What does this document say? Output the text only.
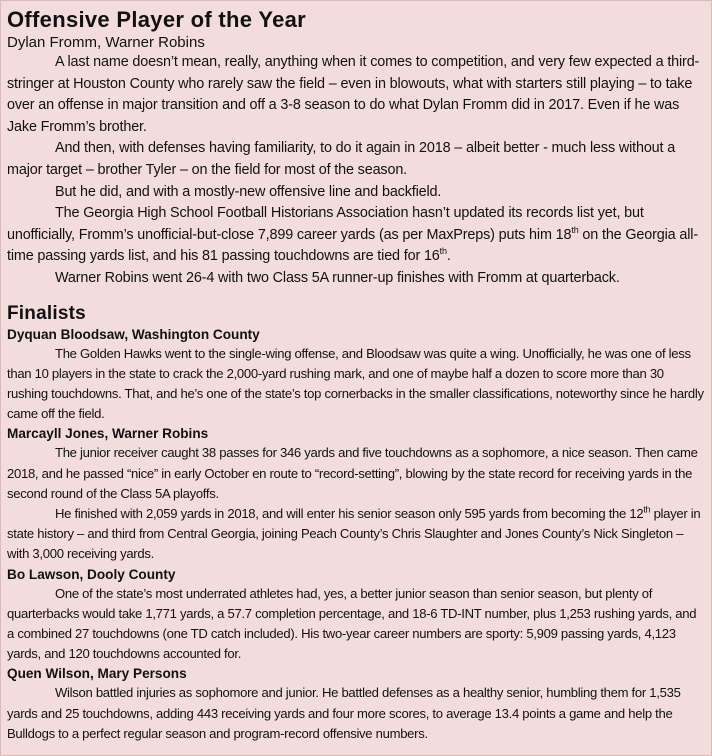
Offensive Player of the Year

Dylan Fromm, Warner Robins

A last name doesn’t mean, really, anything when it comes to competition, and very few expected a third-stringer at Houston County who rarely saw the field – even in blowouts, what with starters still playing – to take over an offense in major transition and off a 3-8 season to do what Dylan Fromm did in 2017. Even if he was Jake Fromm’s brother.

And then, with defenses having familiarity, to do it again in 2018 – albeit better - much less without a major target – brother Tyler – on the field for most of the season.

But he did, and with a mostly-new offensive line and backfield.

The Georgia High School Football Historians Association hasn’t updated its records list yet, but unofficially, Fromm’s unofficial-but-close 7,899 career yards (as per MaxPreps) puts him 18th on the Georgia all-time passing yards list, and his 81 passing touchdowns are tied for 16th.

Warner Robins went 26-4 with two Class 5A runner-up finishes with Fromm at quarterback.

Finalists

Dyquan Bloodsaw, Washington County

The Golden Hawks went to the single-wing offense, and Bloodsaw was quite a wing. Unofficially, he was one of less than 10 players in the state to crack the 2,000-yard rushing mark, and one of maybe half a dozen to score more than 30 rushing touchdowns. That, and he’s one of the state’s top cornerbacks in the smaller classifications, noteworthy since he hardly came off the field.

Marcayll Jones, Warner Robins

The junior receiver caught 38 passes for 346 yards and five touchdowns as a sophomore, a nice season. Then came 2018, and he passed “nice” in early October en route to “record-setting”, blowing by the state record for receiving yards in the second round of the Class 5A playoffs.

He finished with 2,059 yards in 2018, and will enter his senior season only 595 yards from becoming the 12th player in state history – and third from Central Georgia, joining Peach County’s Chris Slaughter and Jones County’s Nick Singleton – with 3,000 receiving yards.

Bo Lawson, Dooly County

One of the state’s most underrated athletes had, yes, a better junior season than senior season, but plenty of quarterbacks would take 1,771 yards, a 57.7 completion percentage, and 18-6 TD-INT number, plus 1,253 rushing yards, and a combined 27 touchdowns (one TD catch included). His two-year career numbers are sporty: 5,909 passing yards, 4,123 yards, and 120 touchdowns accounted for.

Quen Wilson, Mary Persons

Wilson battled injuries as sophomore and junior. He battled defenses as a healthy senior, humbling them for 1,535 yards and 25 touchdowns, adding 443 receiving yards and four more scores, to average 13.4 points a game and help the Bulldogs to a perfect regular season and program-record offensive numbers.
